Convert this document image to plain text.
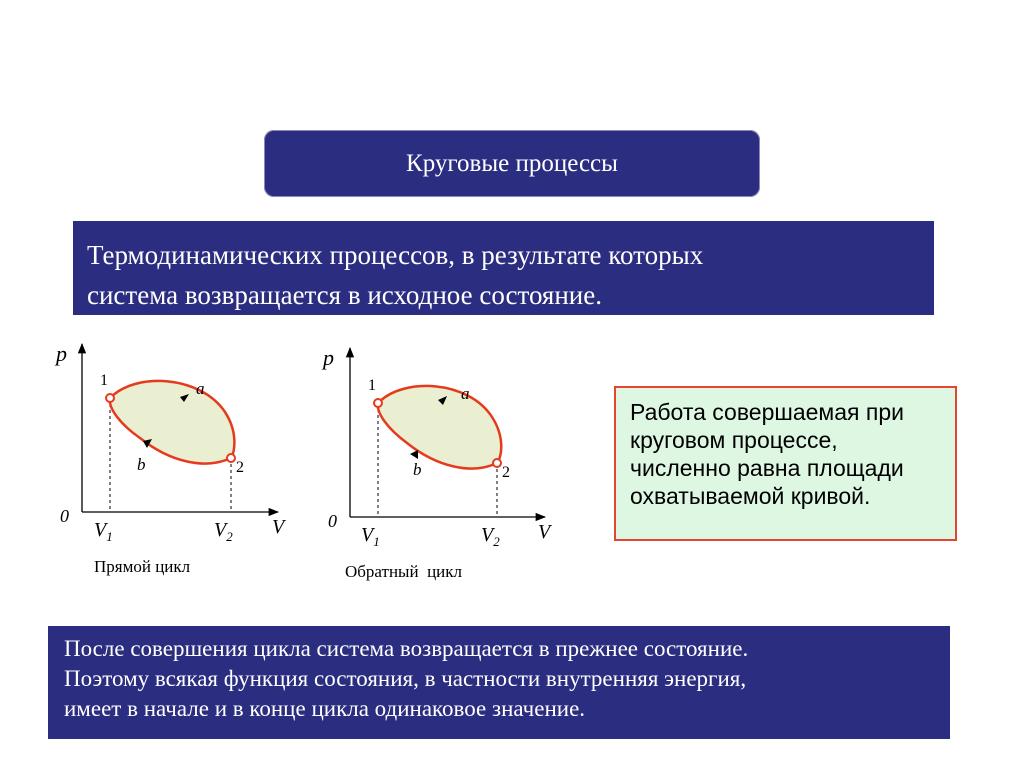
Круговые процессы
Термодинамических процессов, в результате которых
система возвращается в исходное состояние.
p
0	V
1
2
a
b
$V_1$	$V_2$
Прямой цикл
p
0	V
1
2
a
b
$V_1$	$V_2$
Обратный  цикл
Работа совершаемая при
круговом процессе,
численно равна площади
охватываемой кривой.
После совершения цикла система возвращается в прежнее состояние.
Поэтому всякая функция состояния, в частности внутренняя энергия,
имеет в начале и в конце цикла одинаковое значение.
